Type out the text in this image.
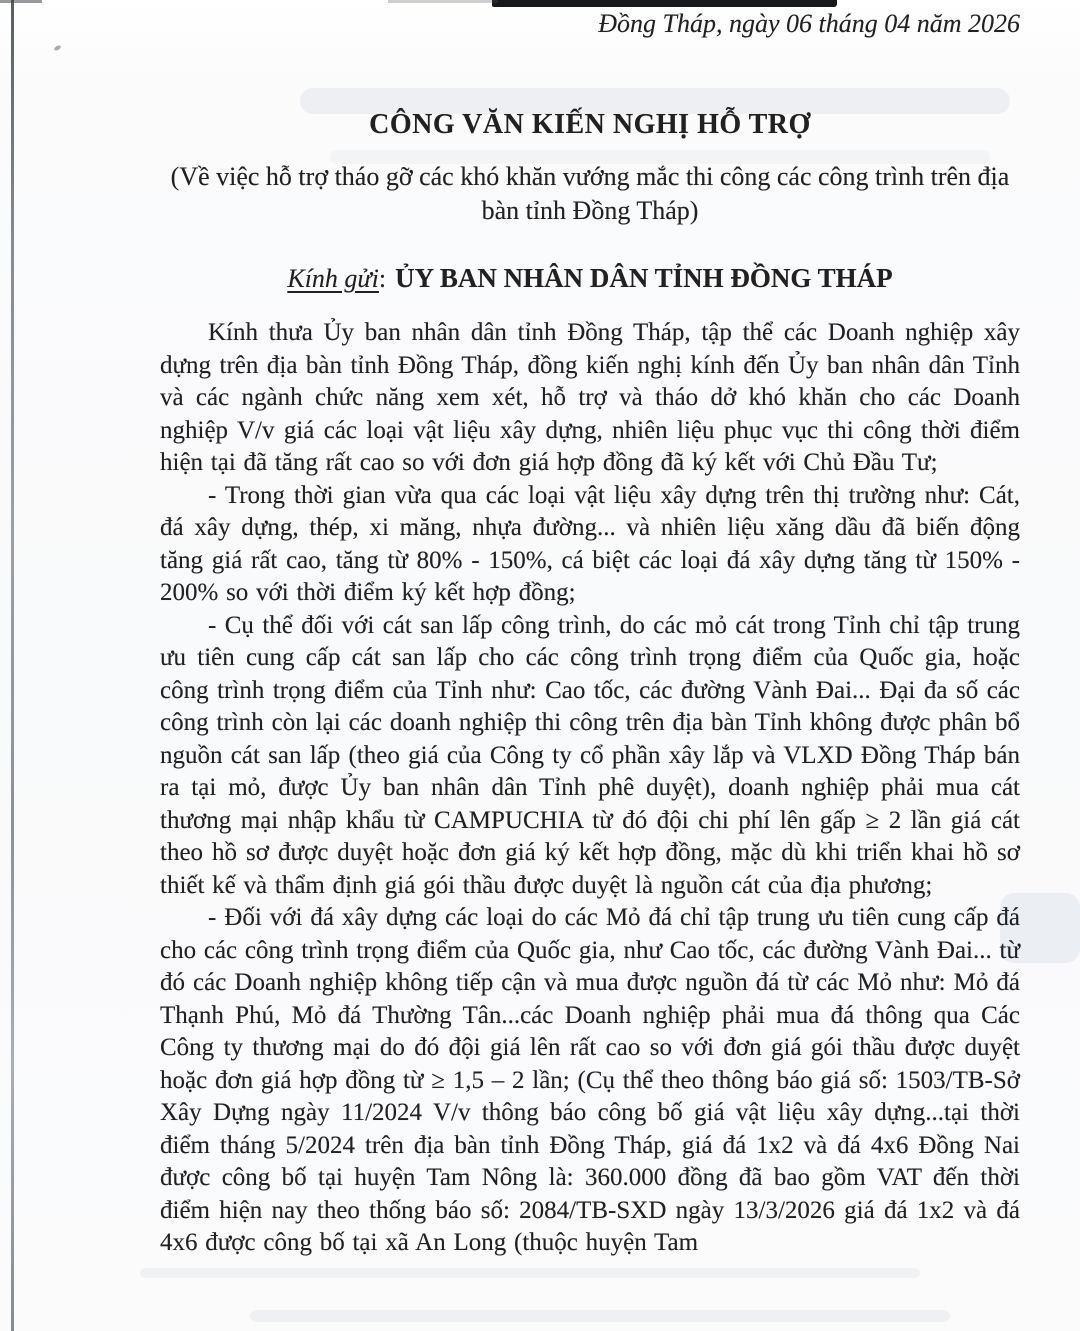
Đồng Tháp, ngày 06 tháng 04 năm 2026

CÔNG VĂN KIẾN NGHỊ HỖ TRỢ

(Về việc hỗ trợ tháo gỡ các khó khăn vướng mắc thi công các công trình trên địa bàn tỉnh Đồng Tháp)

Kính gửi: ỦY BAN NHÂN DÂN TỈNH ĐỒNG THÁP

Kính thưa Ủy ban nhân dân tỉnh Đồng Tháp, tập thể các Doanh nghiệp xây dựng trên địa bàn tỉnh Đồng Tháp, đồng kiến nghị kính đến Ủy ban nhân dân Tỉnh và các ngành chức năng xem xét, hỗ trợ và tháo dở khó khăn cho các Doanh nghiệp V/v giá các loại vật liệu xây dựng, nhiên liệu phục vục thi công thời điểm hiện tại đã tăng rất cao so với đơn giá hợp đồng đã ký kết với Chủ Đầu Tư;

- Trong thời gian vừa qua các loại vật liệu xây dựng trên thị trường như: Cát, đá xây dựng, thép, xi măng, nhựa đường... và nhiên liệu xăng dầu đã biến động tăng giá rất cao, tăng từ 80% - 150%, cá biệt các loại đá xây dựng tăng từ 150% - 200% so với thời điểm ký kết hợp đồng;

- Cụ thể đối với cát san lấp công trình, do các mỏ cát trong Tỉnh chỉ tập trung ưu tiên cung cấp cát san lấp cho các công trình trọng điểm của Quốc gia, hoặc công trình trọng điểm của Tỉnh như: Cao tốc, các đường Vành Đai... Đại đa số các công trình còn lại các doanh nghiệp thi công trên địa bàn Tỉnh không được phân bổ nguồn cát san lấp (theo giá của Công ty cổ phần xây lắp và VLXD Đồng Tháp bán ra tại mỏ, được Ủy ban nhân dân Tỉnh phê duyệt), doanh nghiệp phải mua cát thương mại nhập khẩu từ CAMPUCHIA từ đó đội chi phí lên gấp ≥ 2 lần giá cát theo hồ sơ được duyệt hoặc đơn giá ký kết hợp đồng, mặc dù khi triển khai hồ sơ thiết kế và thẩm định giá gói thầu được duyệt là nguồn cát của địa phương;

- Đối với đá xây dựng các loại do các Mỏ đá chỉ tập trung ưu tiên cung cấp đá cho các công trình trọng điểm của Quốc gia, như Cao tốc, các đường Vành Đai... từ đó các Doanh nghiệp không tiếp cận và mua được nguồn đá từ các Mỏ như: Mỏ đá Thạnh Phú, Mỏ đá Thường Tân...các Doanh nghiệp phải mua đá thông qua Các Công ty thương mại do đó đội giá lên rất cao so với đơn giá gói thầu được duyệt hoặc đơn giá hợp đồng từ ≥ 1,5 – 2 lần; (Cụ thể theo thông báo giá số: 1503/TB-Sở Xây Dựng ngày 11/2024 V/v thông báo công bố giá vật liệu xây dựng...tại thời điểm tháng 5/2024 trên địa bàn tỉnh Đồng Tháp, giá đá 1x2 và đá 4x6 Đồng Nai được công bố tại huyện Tam Nông là: 360.000 đồng đã bao gồm VAT đến thời điểm hiện nay theo thống báo số: 2084/TB-SXD ngày 13/3/2026 giá đá 1x2 và đá 4x6 được công bố tại xã An Long (thuộc huyện Tam
